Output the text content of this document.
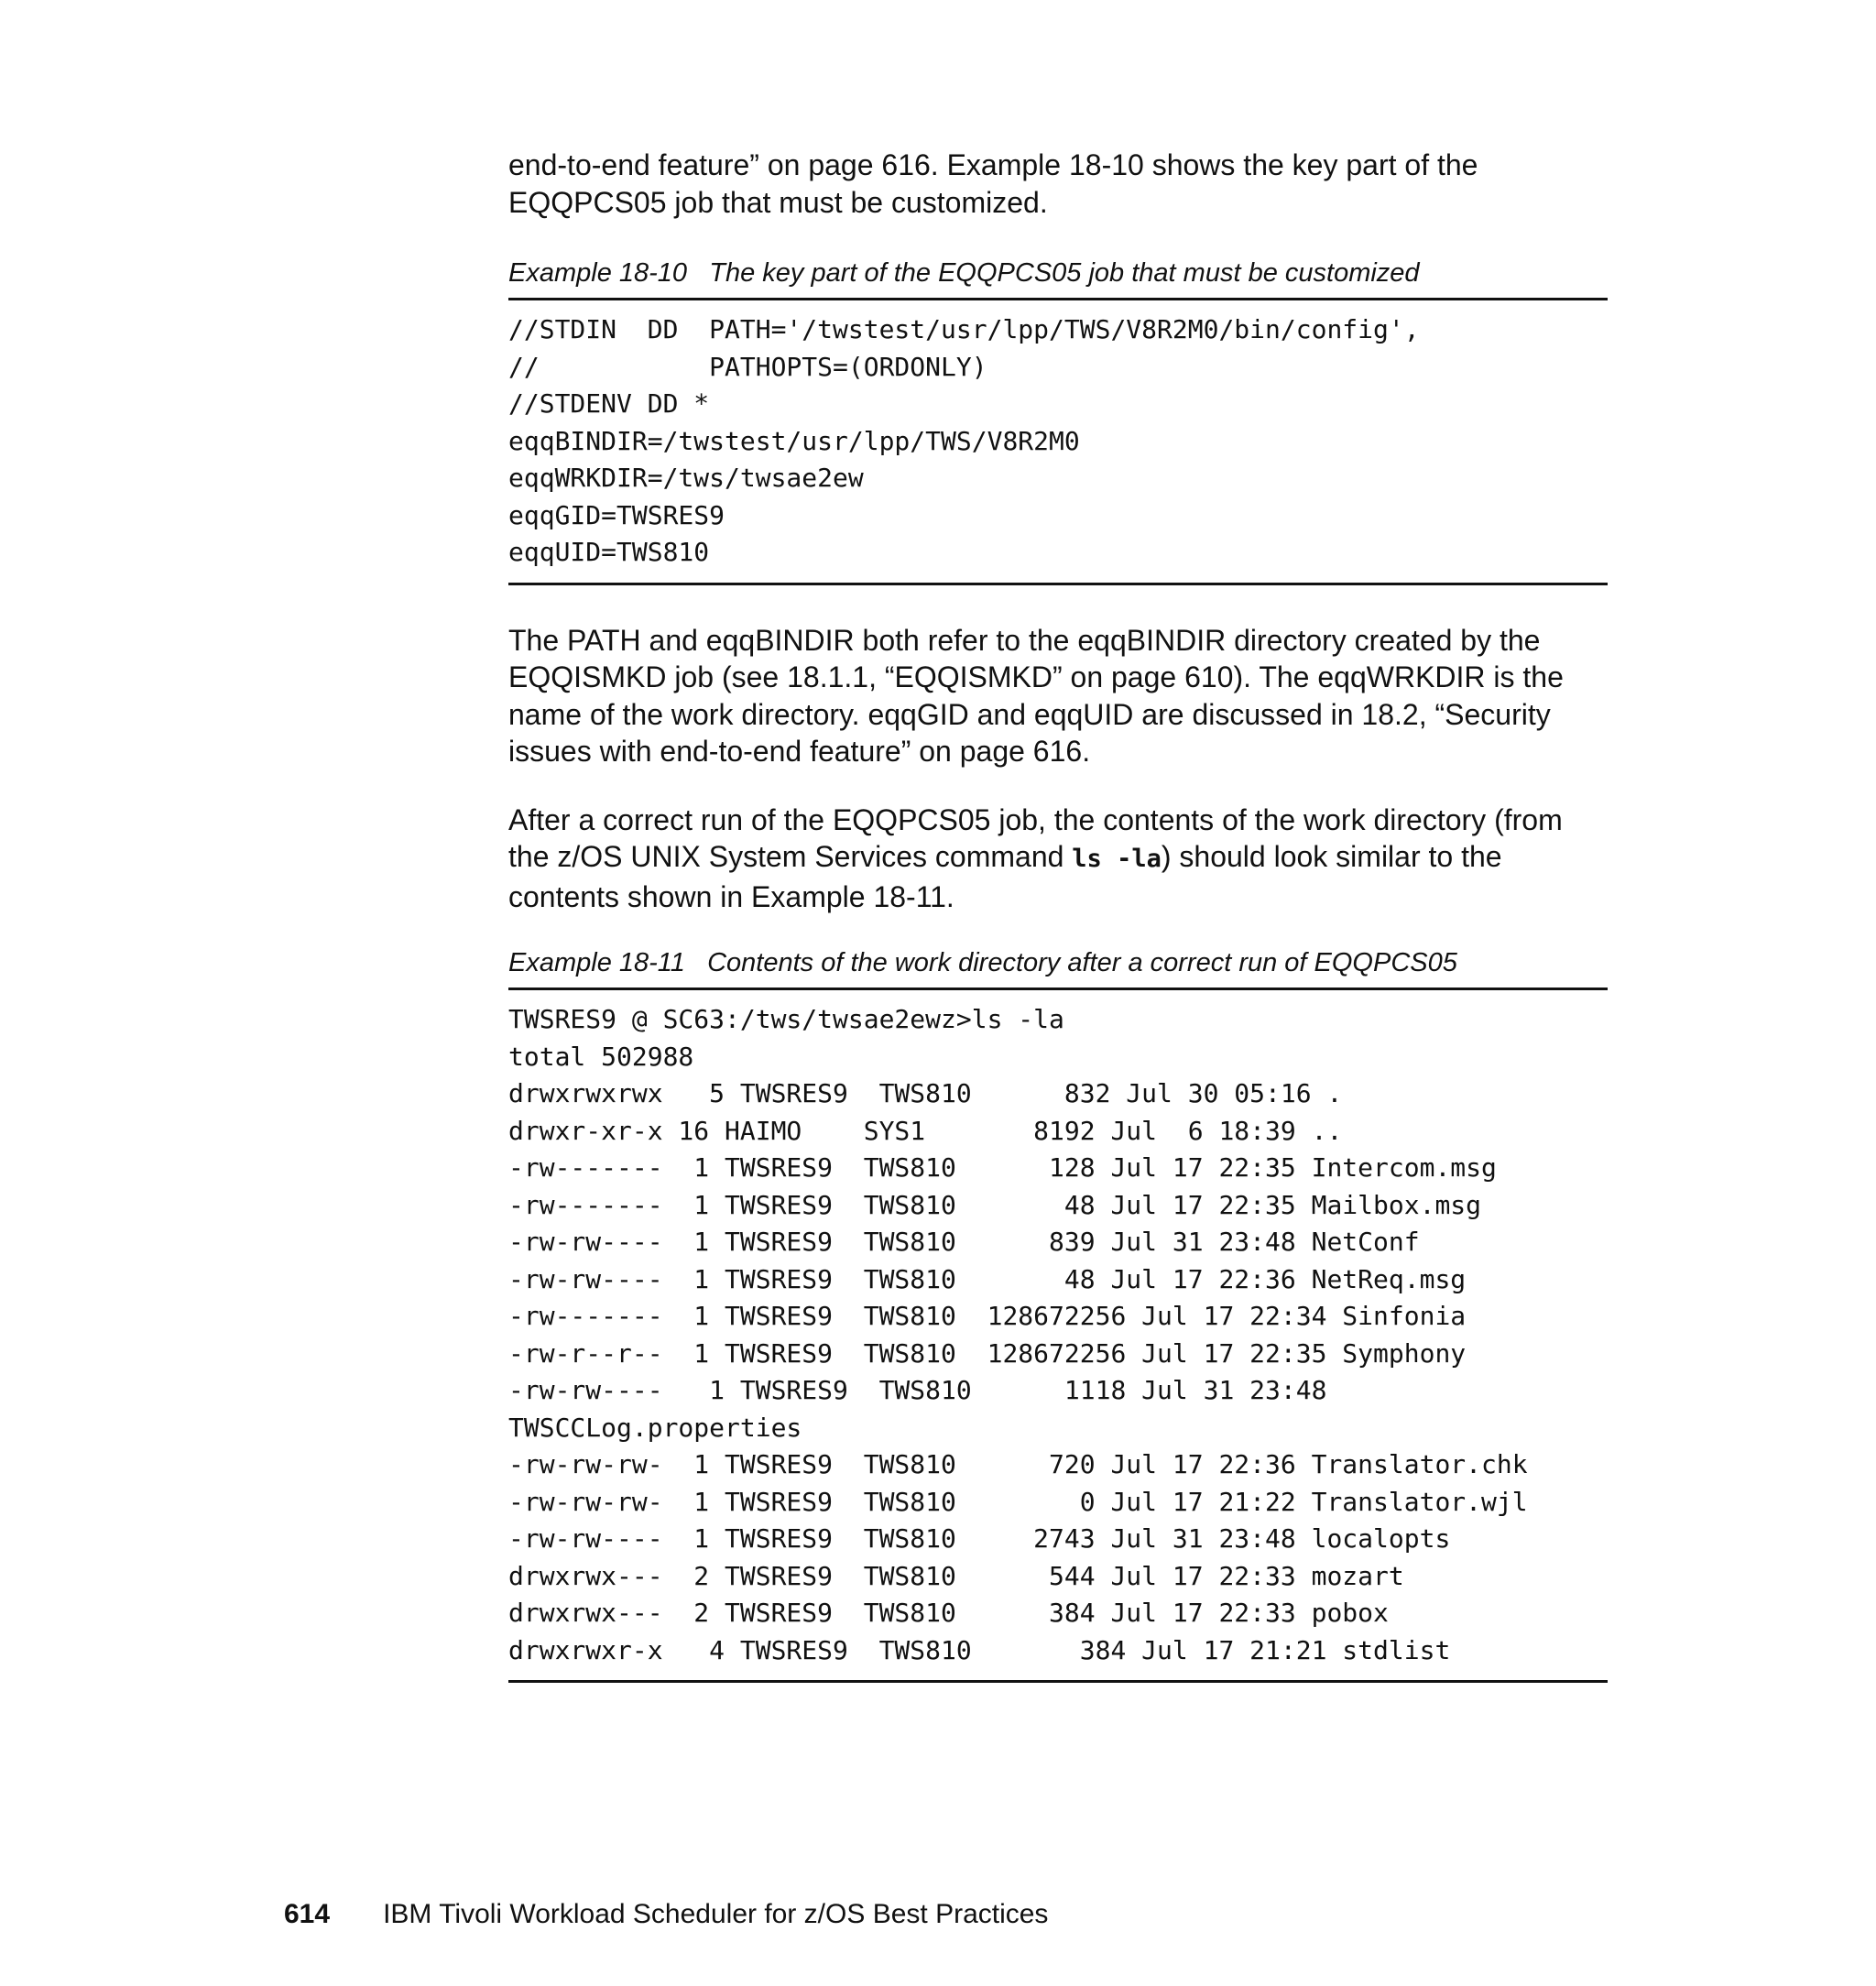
end-to-end feature” on page 616. Example 18-10 shows the key part of the EQQPCS05 job that must be customized.

Example 18-10   The key part of the EQQPCS05 job that must be customized
//STDIN  DD  PATH='/twstest/usr/lpp/TWS/V8R2M0/bin/config',
//           PATHOPTS=(ORDONLY)
//STDENV DD *
eqqBINDIR=/twstest/usr/lpp/TWS/V8R2M0
eqqWRKDIR=/tws/twsae2ew
eqqGID=TWSRES9
eqqUID=TWS810

The PATH and eqqBINDIR both refer to the eqqBINDIR directory created by the EQQISMKD job (see 18.1.1, “EQQISMKD” on page 610). The eqqWRKDIR is the name of the work directory. eqqGID and eqqUID are discussed in 18.2, “Security issues with end-to-end feature” on page 616.

After a correct run of the EQQPCS05 job, the contents of the work directory (from the z/OS UNIX System Services command ls -la) should look similar to the contents shown in Example 18-11.

Example 18-11   Contents of the work directory after a correct run of EQQPCS05
TWSRES9 @ SC63:/tws/twsae2ewz>ls -la
total 502988
drwxrwxrwx   5 TWSRES9  TWS810      832 Jul 30 05:16 .
drwxr-xr-x 16 HAIMO    SYS1       8192 Jul  6 18:39 ..
-rw-------  1 TWSRES9  TWS810      128 Jul 17 22:35 Intercom.msg
-rw-------  1 TWSRES9  TWS810       48 Jul 17 22:35 Mailbox.msg
-rw-rw----  1 TWSRES9  TWS810      839 Jul 31 23:48 NetConf
-rw-rw----  1 TWSRES9  TWS810       48 Jul 17 22:36 NetReq.msg
-rw-------  1 TWSRES9  TWS810  128672256 Jul 17 22:34 Sinfonia
-rw-r--r--  1 TWSRES9  TWS810  128672256 Jul 17 22:35 Symphony
-rw-rw----   1 TWSRES9  TWS810      1118 Jul 31 23:48
TWSCCLog.properties
-rw-rw-rw-  1 TWSRES9  TWS810      720 Jul 17 22:36 Translator.chk
-rw-rw-rw-  1 TWSRES9  TWS810        0 Jul 17 21:22 Translator.wjl
-rw-rw----  1 TWSRES9  TWS810     2743 Jul 31 23:48 localopts
drwxrwx---  2 TWSRES9  TWS810      544 Jul 17 22:33 mozart
drwxrwx---  2 TWSRES9  TWS810      384 Jul 17 22:33 pobox
drwxrwxr-x   4 TWSRES9  TWS810       384 Jul 17 21:21 stdlist
614 IBM Tivoli Workload Scheduler for z/OS Best Practices
